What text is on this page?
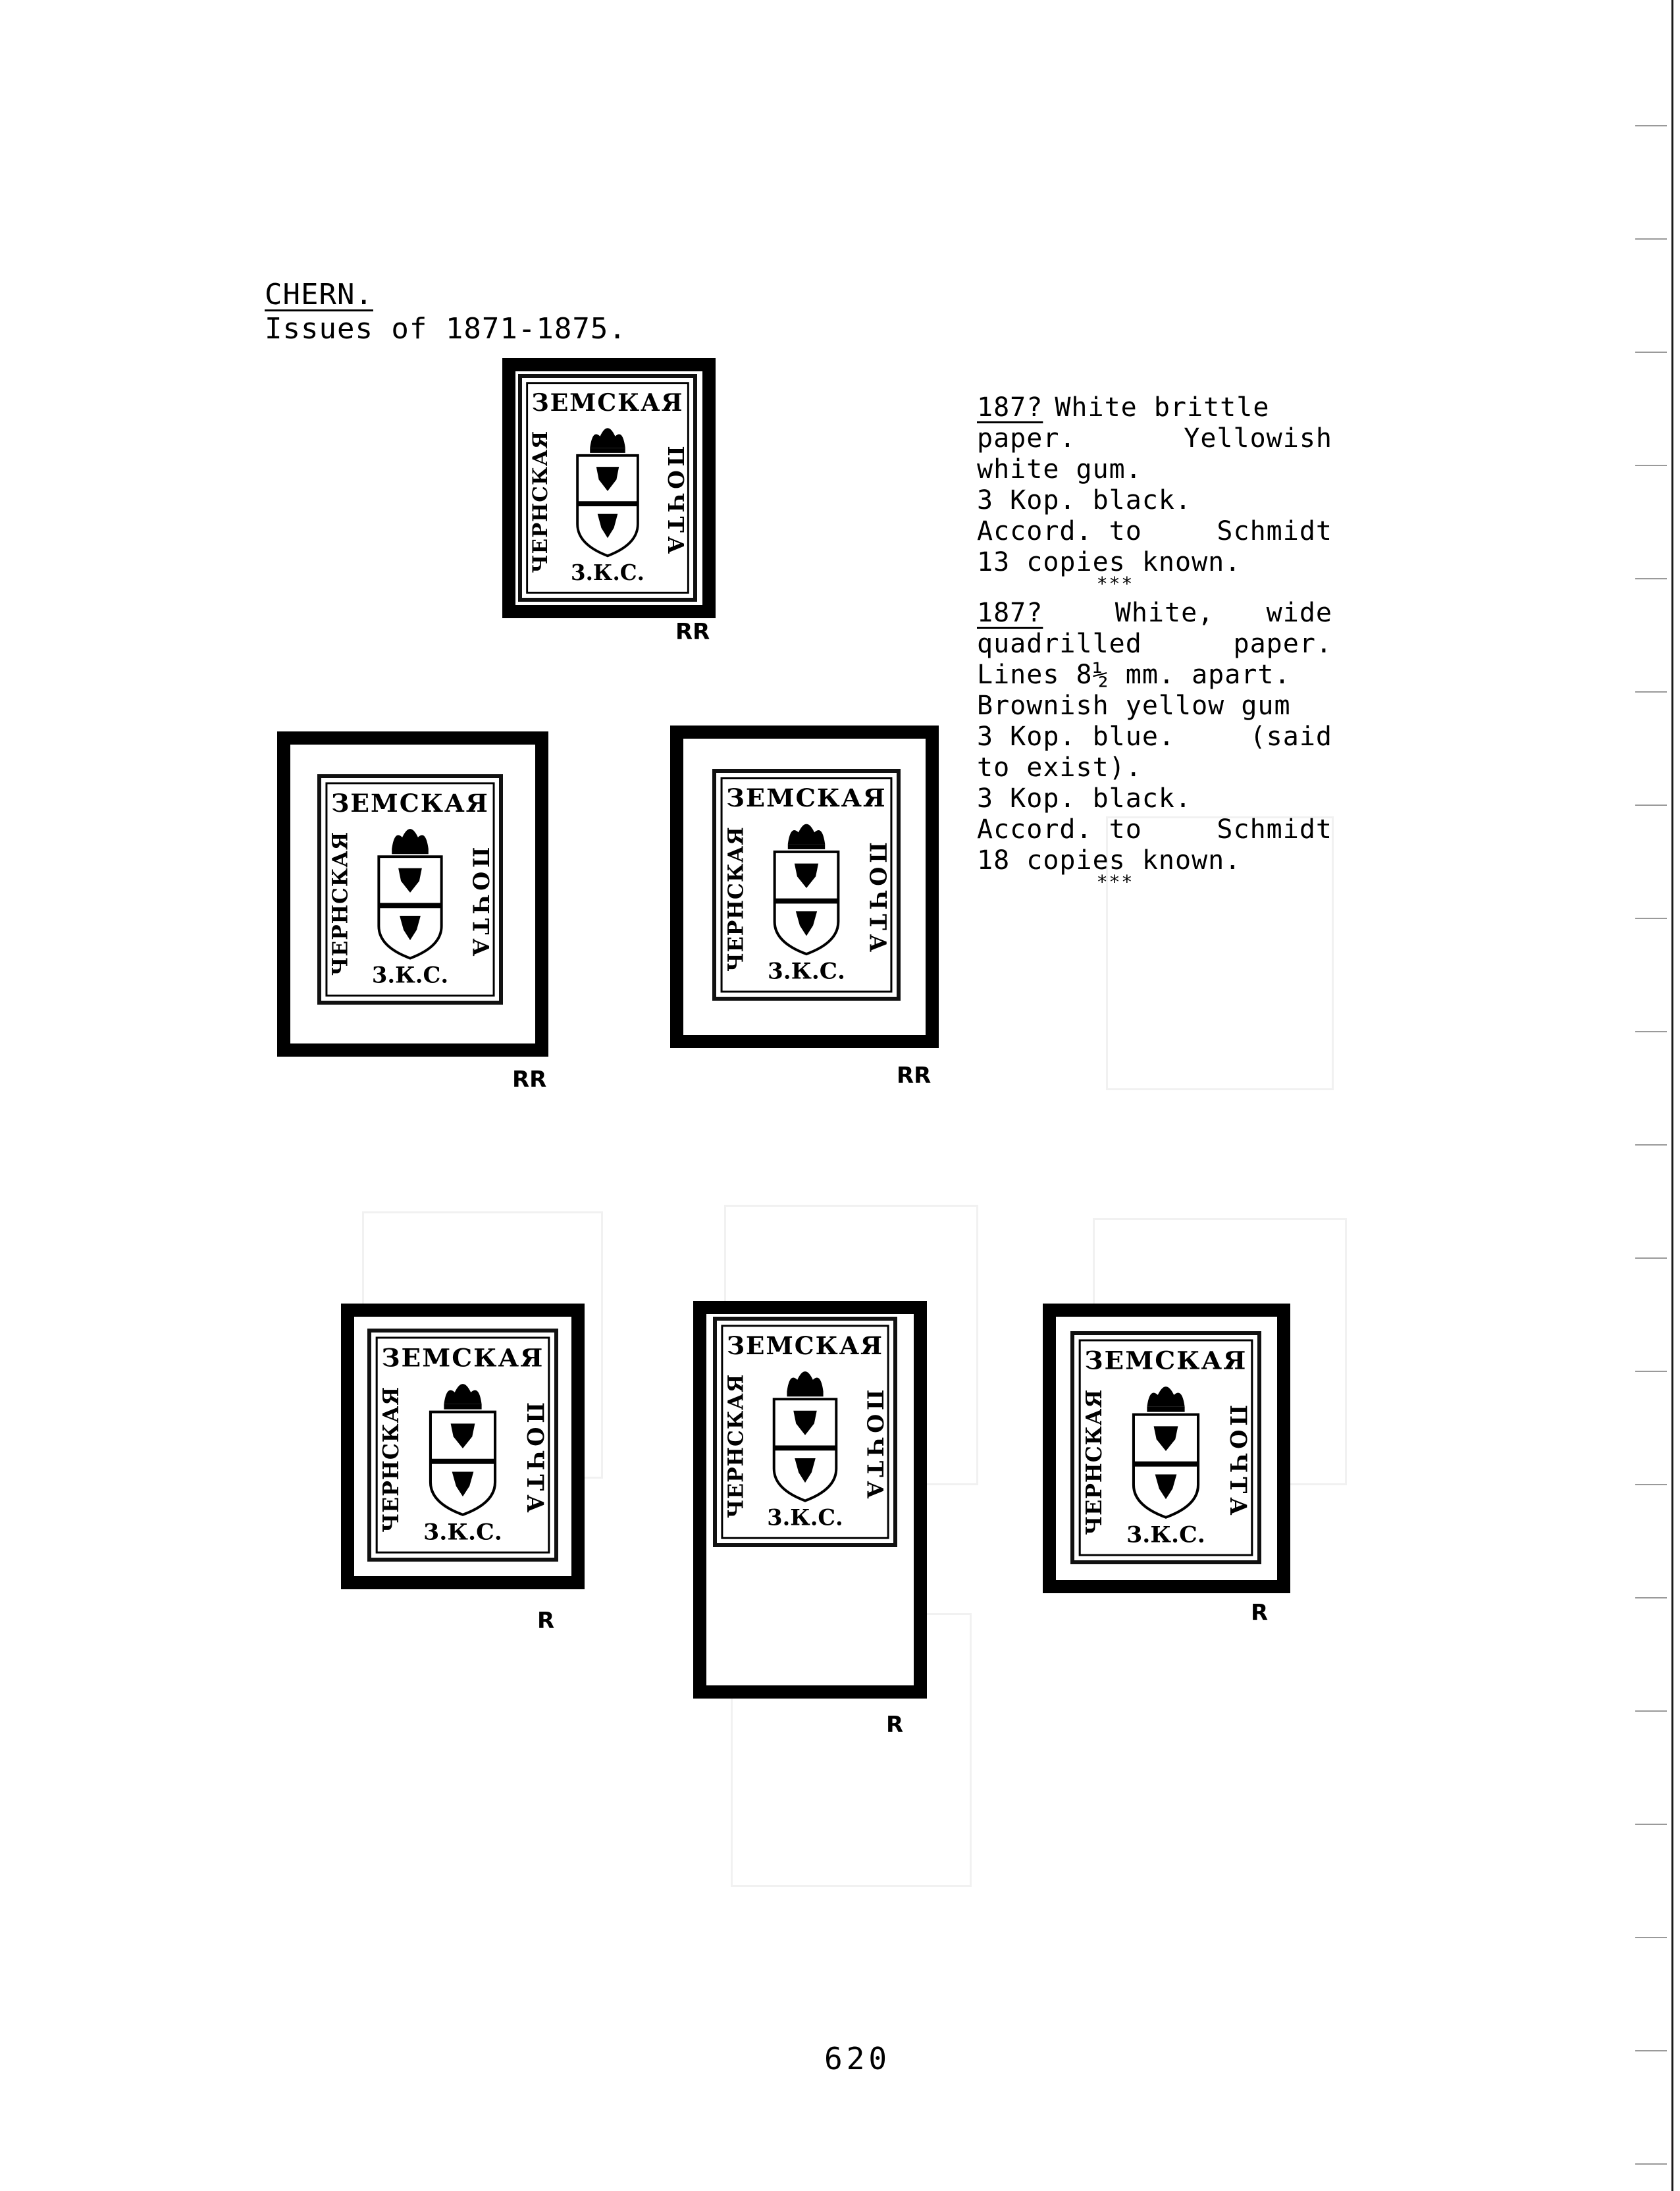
CHERN.
Issues of 1871-1875.
187? White brittle
paper.	Yellowish
white gum.
3 Kop. black.
Accord. to	Schmidt
13 copies known.
***
187?	White, wide
quadrilled	paper.
Lines 8½ mm. apart.
Brownish yellow gum
3 Kop. blue.	(said
to exist).
3 Kop. black.
Accord. to	Schmidt
18 copies known.
***
ЗЕМСКАЯ
ЧЕРНСКАЯ	ПОЧТА
3.К.С.
RR
ЗЕМСКАЯ
ЧЕРНСКАЯ	ПОЧТА
3.К.С.
RR
ЗЕМСКАЯ
ЧЕРНСКАЯ	ПОЧТА
3.К.С.
RR
ЗЕМСКАЯ
ЧЕРНСКАЯ	ПОЧТА
3.К.С.
R
ЗЕМСКАЯ
ЧЕРНСКАЯ	ПОЧТА
3.К.С.
R
ЗЕМСКАЯ
ЧЕРНСКАЯ	ПОЧТА
3.К.С.
R
620
